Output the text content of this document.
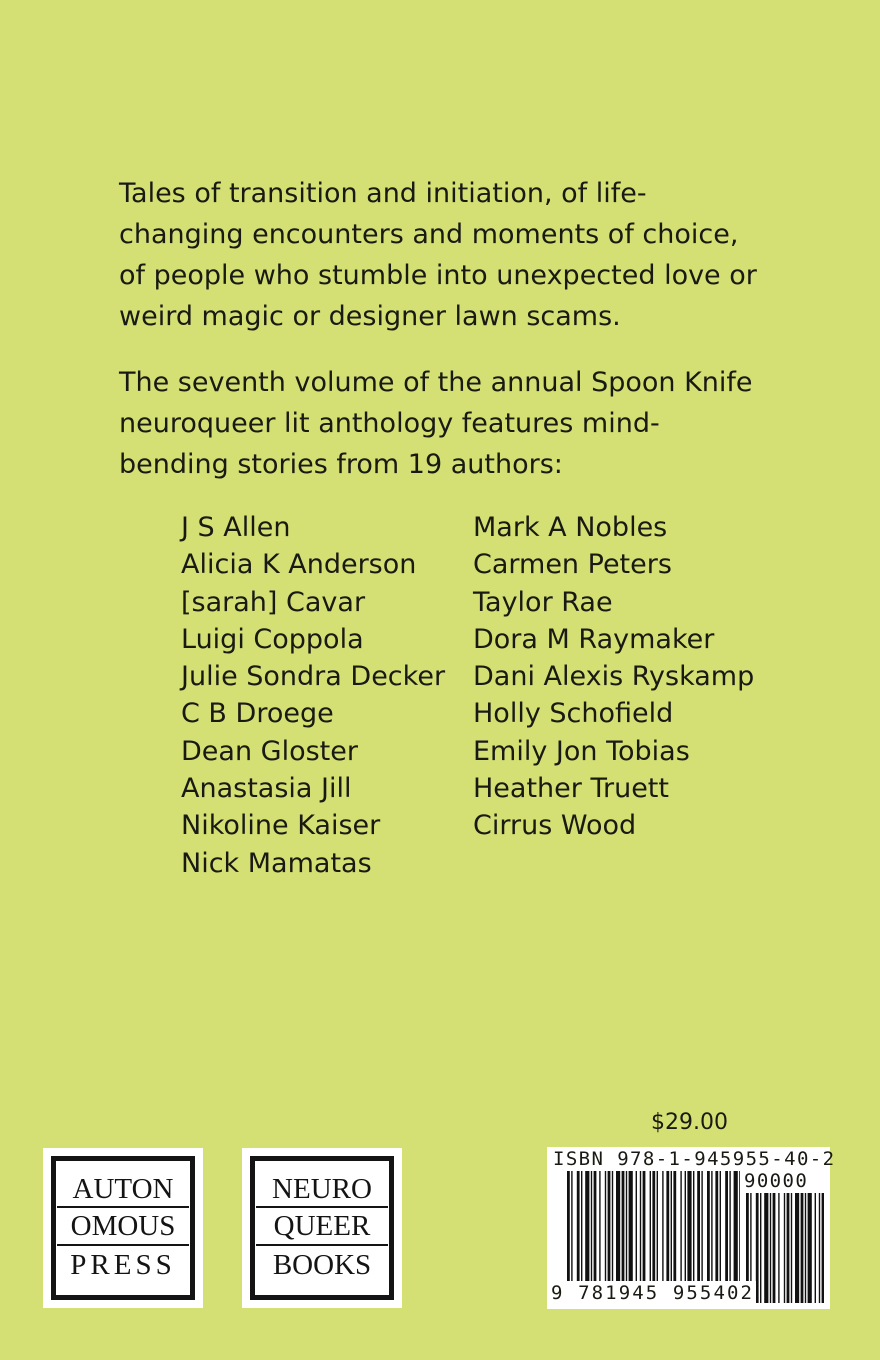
Tales of transition and initiation, of life-changing encounters and moments of choice, of people who stumble into unexpected love or weird magic or designer lawn scams.

The seventh volume of the annual Spoon Knife neuroqueer lit anthology features mind-bending stories from 19 authors:

J S Allen
Alicia K Anderson
[sarah] Cavar
Luigi Coppola
Julie Sondra Decker
C B Droege
Dean Gloster
Anastasia Jill
Nikoline Kaiser
Nick Mamatas
Mark A Nobles
Carmen Peters
Taylor Rae
Dora M Raymaker
Dani Alexis Ryskamp
Holly Schofield
Emily Jon Tobias
Heather Truett
Cirrus Wood
$29.00
AUTON
OMOUS
PRESS
NEURO
QUEER
BOOKS
ISBN 978-1-945955-40-2
90000
9 781945 955402
